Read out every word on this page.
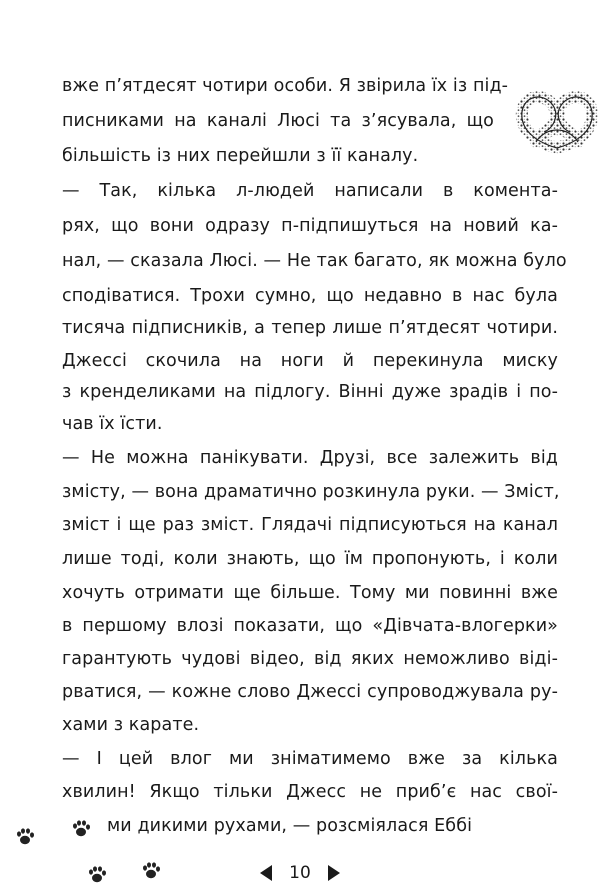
вже п’ятдесят чотири особи. Я звірила їх із під-
писниками на каналі Люсі та з’ясувала, що
більшість із них перейшли з її каналу.
— Так, кілька л-людей написали в коментa-
рях, що вони одразу п-підпишуться на новий ка-
нал, — сказала Люсі. — Не так багато, як можна було
сподіватися. Трохи сумно, що недавно в нас була
тисяча підписників, а тепер лише п’ятдесят чотири.
Джессі скочила на ноги й перекинула миску
з кренделиками на підлогу. Вінні дуже зрадів і по-
чав їх їсти.
— Не можна панікувати. Друзі, все залежить від
змісту, — вона драматично розкинула руки. — Зміст,
зміст і ще раз зміст. Глядачі підписуються на канал
лише тоді, коли знають, що їм пропонують, і коли
хочуть отримати ще більше. Тому ми повинні вже
в першому влозі показати, що «Дівчата-влогерки»
гарантують чудові відео, від яких неможливо віді-
рватися, — кожне слово Джессі супроводжувала ру-
хами з карате.
— І цей влог ми зніматимемо вже за кілька
хвилин! Якщо тільки Джесс не приб’є нас свої-
ми дикими рухами, — розсміялася Еббі
10
